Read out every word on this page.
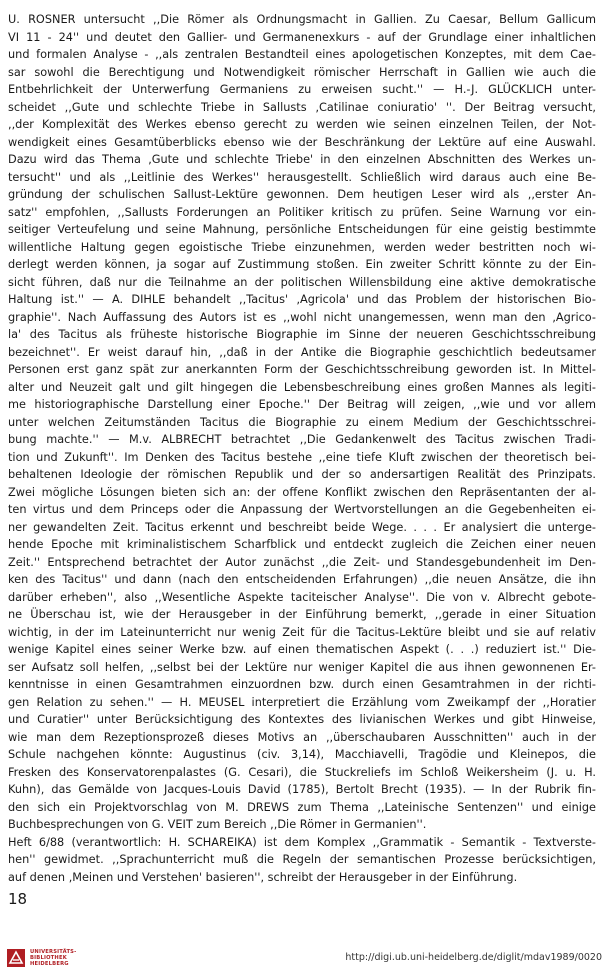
U. ROSNER untersucht ,,Die Römer als Ordnungsmacht in Gallien. Zu Caesar, Bellum Gallicum
VI 11 - 24'' und deutet den Gallier- und Germanenexkurs - auf der Grundlage einer inhaltlichen
und formalen Analyse - ,,als zentralen Bestandteil eines apologetischen Konzeptes, mit dem Cae-
sar sowohl die Berechtigung und Notwendigkeit römischer Herrschaft in Gallien wie auch die
Entbehrlichkeit der Unterwerfung Germaniens zu erweisen sucht.'' — H.-J. GLÜCKLICH unter-
scheidet ,,Gute und schlechte Triebe in Sallusts ‚Catilinae coniuratio' ''. Der Beitrag versucht,
,,der Komplexität des Werkes ebenso gerecht zu werden wie seinen einzelnen Teilen, der Not-
wendigkeit eines Gesamtüberblicks ebenso wie der Beschränkung der Lektüre auf eine Auswahl.
Dazu wird das Thema ‚Gute und schlechte Triebe' in den einzelnen Abschnitten des Werkes un-
tersucht'' und als ,,Leitlinie des Werkes'' herausgestellt. Schließlich wird daraus auch eine Be-
gründung der schulischen Sallust-Lektüre gewonnen. Dem heutigen Leser wird als ,,erster An-
satz'' empfohlen, ,,Sallusts Forderungen an Politiker kritisch zu prüfen. Seine Warnung vor ein-
seitiger Verteufelung und seine Mahnung, persönliche Entscheidungen für eine geistig bestimmte
willentliche Haltung gegen egoistische Triebe einzunehmen, werden weder bestritten noch wi-
derlegt werden können, ja sogar auf Zustimmung stoßen. Ein zweiter Schritt könnte zu der Ein-
sicht führen, daß nur die Teilnahme an der politischen Willensbildung eine aktive demokratische
Haltung ist.'' — A. DIHLE behandelt ,,Tacitus' ‚Agricola' und das Problem der historischen Bio-
graphie''. Nach Auffassung des Autors ist es ,,wohl nicht unangemessen, wenn man den ‚Agrico-
la' des Tacitus als früheste historische Biographie im Sinne der neueren Geschichtsschreibung
bezeichnet''. Er weist darauf hin, ,,daß in der Antike die Biographie geschichtlich bedeutsamer
Personen erst ganz spät zur anerkannten Form der Geschichtsschreibung geworden ist. In Mittel-
alter und Neuzeit galt und gilt hingegen die Lebensbeschreibung eines großen Mannes als legiti-
me historiographische Darstellung einer Epoche.'' Der Beitrag will zeigen, ,,wie und vor allem
unter welchen Zeitumständen Tacitus die Biographie zu einem Medium der Geschichtsschrei-
bung machte.'' — M.v. ALBRECHT betrachtet ,,Die Gedankenwelt des Tacitus zwischen Tradi-
tion und Zukunft''. Im Denken des Tacitus bestehe ,,eine tiefe Kluft zwischen der theoretisch bei-
behaltenen Ideologie der römischen Republik und der so andersartigen Realität des Prinzipats.
Zwei mögliche Lösungen bieten sich an: der offene Konflikt zwischen den Repräsentanten der al-
ten virtus und dem Princeps oder die Anpassung der Wertvorstellungen an die Gegebenheiten ei-
ner gewandelten Zeit. Tacitus erkennt und beschreibt beide Wege. . . . Er analysiert die unterge-
hende Epoche mit kriminalistischem Scharfblick und entdeckt zugleich die Zeichen einer neuen
Zeit.'' Entsprechend betrachtet der Autor zunächst ,,die Zeit- und Standesgebundenheit im Den-
ken des Tacitus'' und dann (nach den entscheidenden Erfahrungen) ,,die neuen Ansätze, die ihn
darüber erheben'', also ,,Wesentliche Aspekte taciteischer Analyse''. Die von v. Albrecht gebote-
ne Überschau ist, wie der Herausgeber in der Einführung bemerkt, ,,gerade in einer Situation
wichtig, in der im Lateinunterricht nur wenig Zeit für die Tacitus-Lektüre bleibt und sie auf relativ
wenige Kapitel eines seiner Werke bzw. auf einen thematischen Aspekt (. . .) reduziert ist.'' Die-
ser Aufsatz soll helfen, ,,selbst bei der Lektüre nur weniger Kapitel die aus ihnen gewonnenen Er-
kenntnisse in einen Gesamtrahmen einzuordnen bzw. durch einen Gesamtrahmen in der richti-
gen Relation zu sehen.'' — H. MEUSEL interpretiert die Erzählung vom Zweikampf der ,,Horatier
und Curatier'' unter Berücksichtigung des Kontextes des livianischen Werkes und gibt Hinweise,
wie man dem Rezeptionsprozeß dieses Motivs an ,,überschaubaren Ausschnitten'' auch in der
Schule nachgehen könnte: Augustinus (civ. 3,14), Macchiavelli, Tragödie und Kleinepos, die
Fresken des Konservatorenpalastes (G. Cesari), die Stuckreliefs im Schloß Weikersheim (J. u. H.
Kuhn), das Gemälde von Jacques-Louis David (1785), Bertolt Brecht (1935). — In der Rubrik fin-
den sich ein Projektvorschlag von M. DREWS zum Thema ,,Lateinische Sentenzen'' und einige
Buchbesprechungen von G. VEIT zum Bereich ,,Die Römer in Germanien''.
Heft 6/88 (verantwortlich: H. SCHAREIKA) ist dem Komplex ,,Grammatik - Semantik - Textverste-
hen'' gewidmet. ,,Sprachunterricht muß die Regeln der semantischen Prozesse berücksichtigen,
auf denen ‚Meinen und Verstehen' basieren'', schreibt der Herausgeber in der Einführung.
18
UNIVERSITÄTS-
BIBLIOTHEK
HEIDELBERG
http://digi.ub.uni-heidelberg.de/diglit/mdav1989/0020
